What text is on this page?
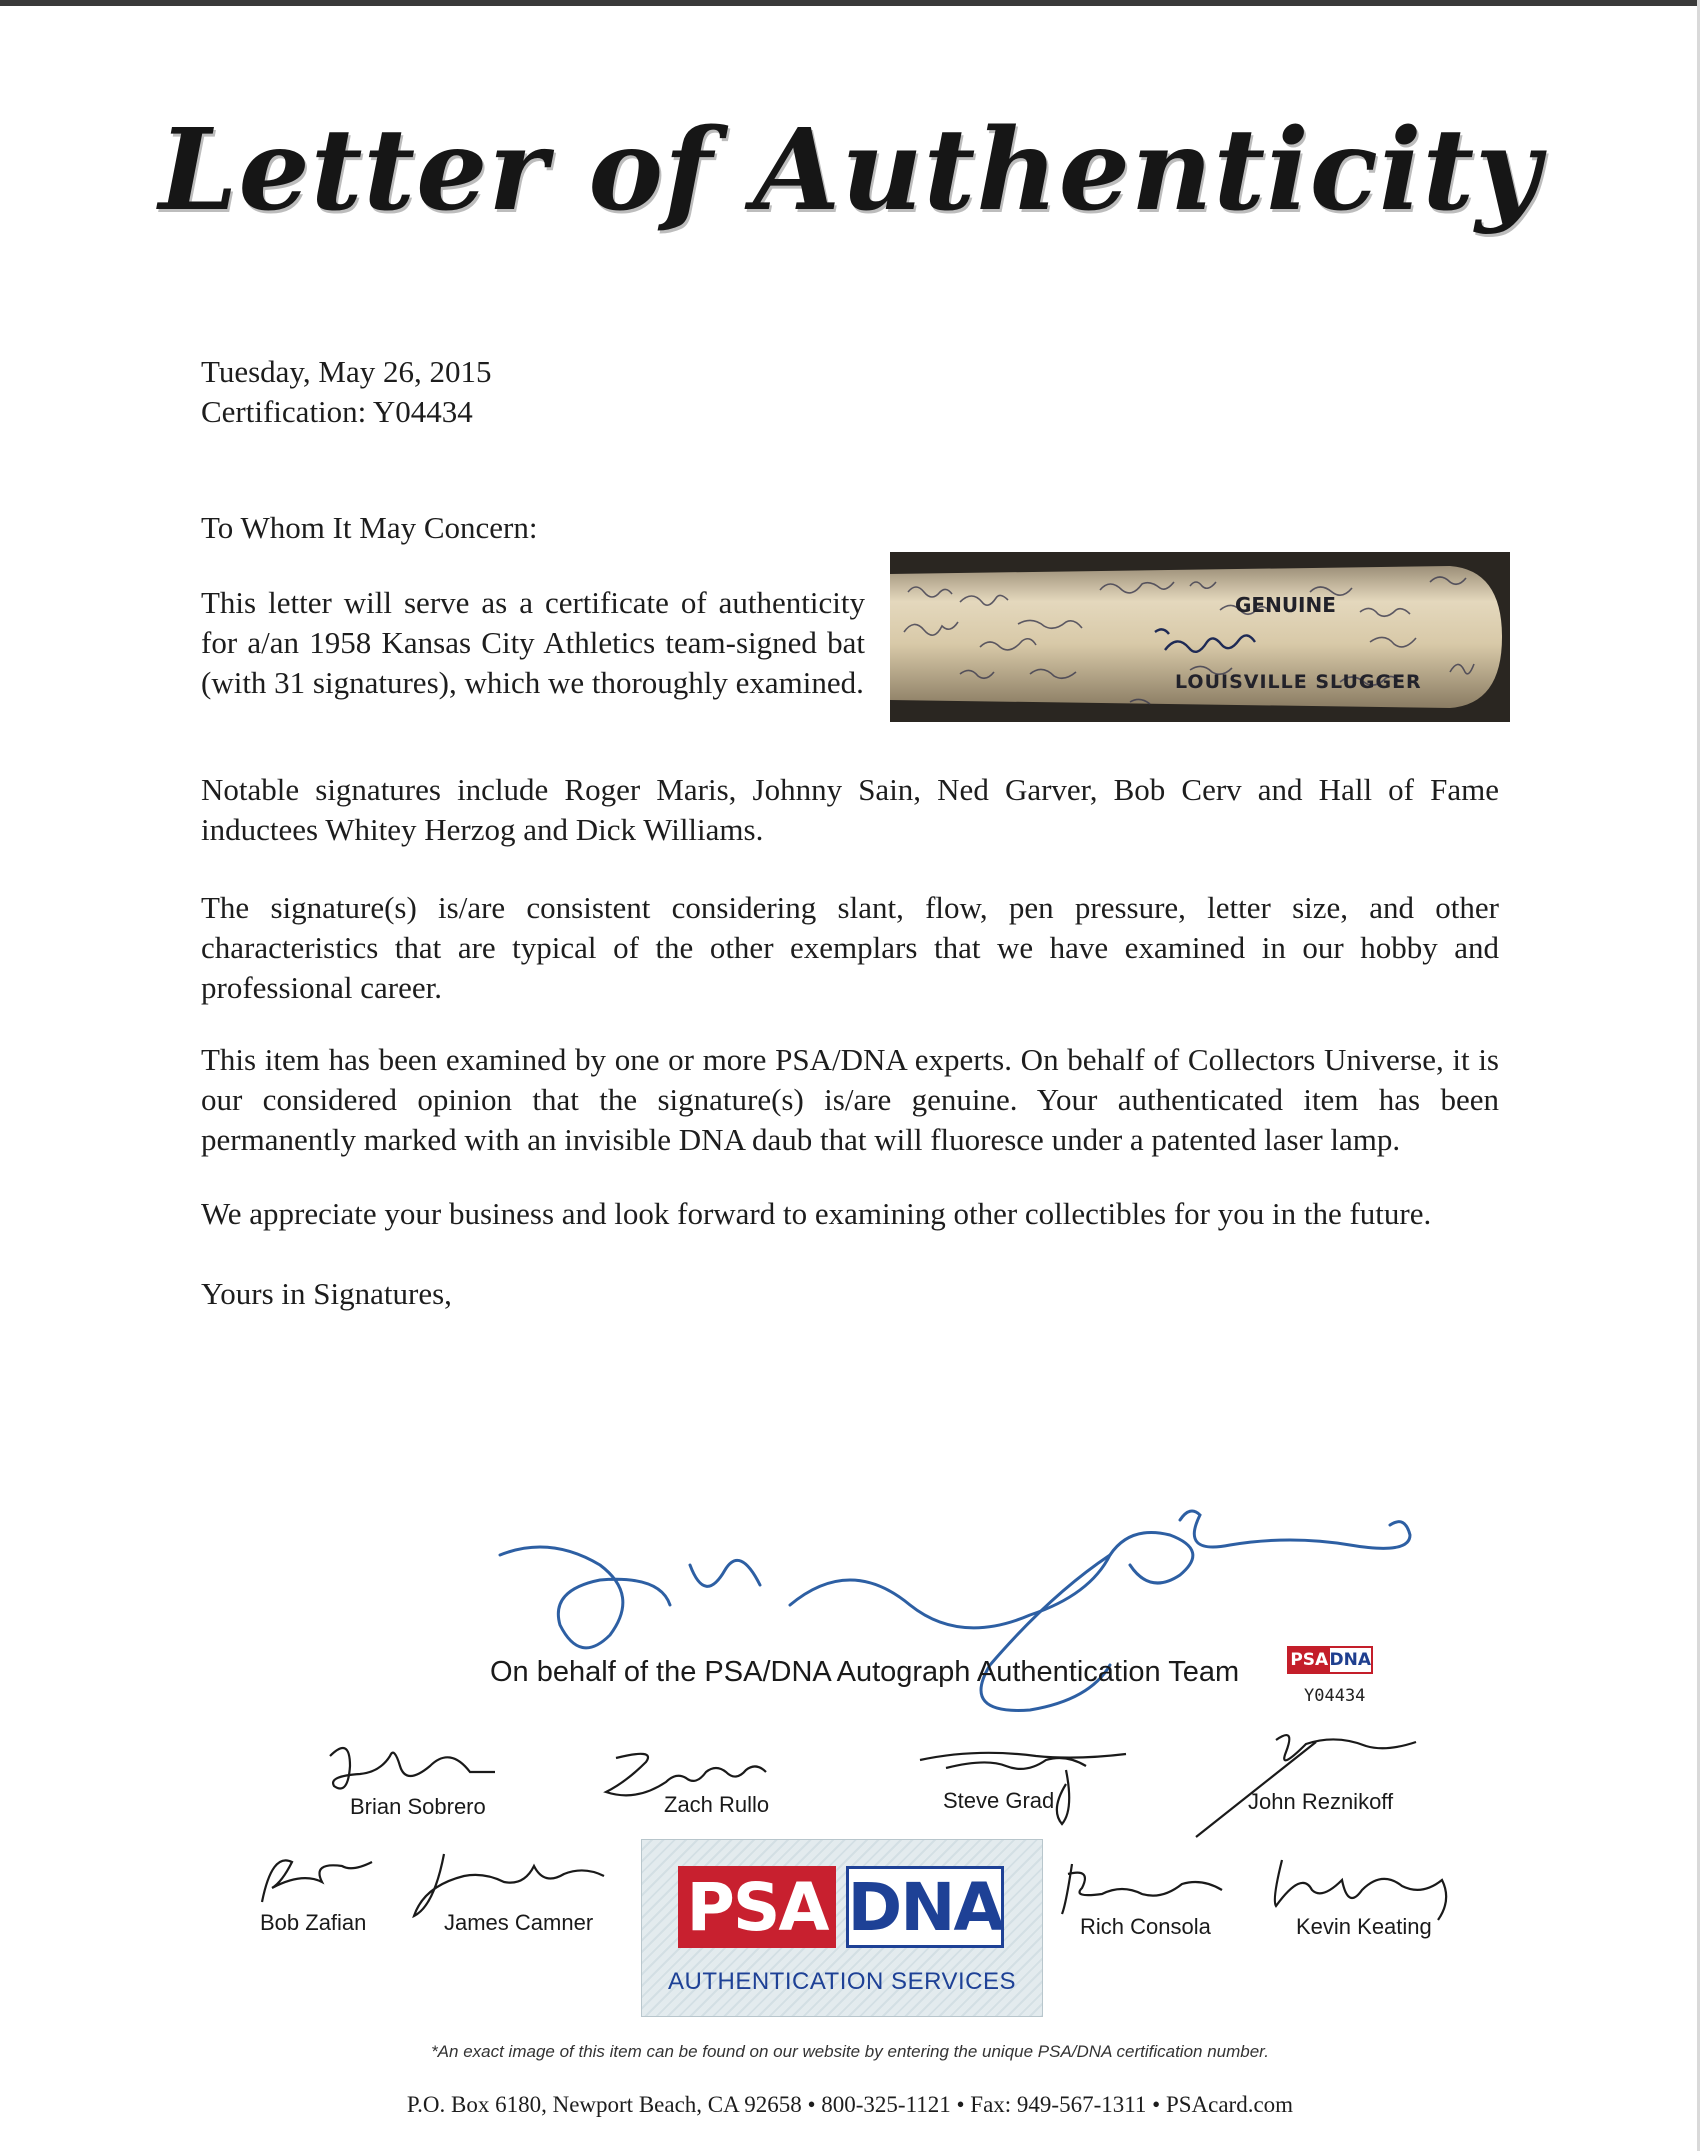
Letter of Authenticity
Tuesday, May 26, 2015
Certification: Y04434
To Whom It May Concern:
This letter will serve as a certificate of authenticity for a/an 1958 Kansas City Athletics team-signed bat (with 31 signatures), which we thoroughly examined.
GENUINE
LOUISVILLE SLUGGER
Notable signatures include Roger Maris, Johnny Sain, Ned Garver, Bob Cerv and Hall of Fame inductees Whitey Herzog and Dick Williams.
The signature(s) is/are consistent considering slant, flow, pen pressure, letter size, and other characteristics that are typical of the other exemplars that we have examined in our hobby and professional career.
This item has been examined by one or more PSA/DNA experts. On behalf of Collectors Universe, it is our considered opinion that the signature(s) is/are genuine. Your authenticated item has been permanently marked with an invisible DNA daub that will fluoresce under a patented laser lamp.
We appreciate your business and look forward to examining other collectibles for you in the future.
Yours in Signatures,
On behalf of the PSA/DNA Autograph Authentication Team	PSA DNA
Y04434
Brian Sobrero	Zach Rullo	Steve Grad	John Reznikoff
Bob Zafian	James Camner PSA DNA
AUTHENTICATION SERVICES
Rich Consola	Kevin Keating
*An exact image of this item can be found on our website by entering the unique PSA/DNA certification number.
P.O. Box 6180, Newport Beach, CA 92658 • 800-325-1121 • Fax: 949-567-1311 • PSAcard.com
